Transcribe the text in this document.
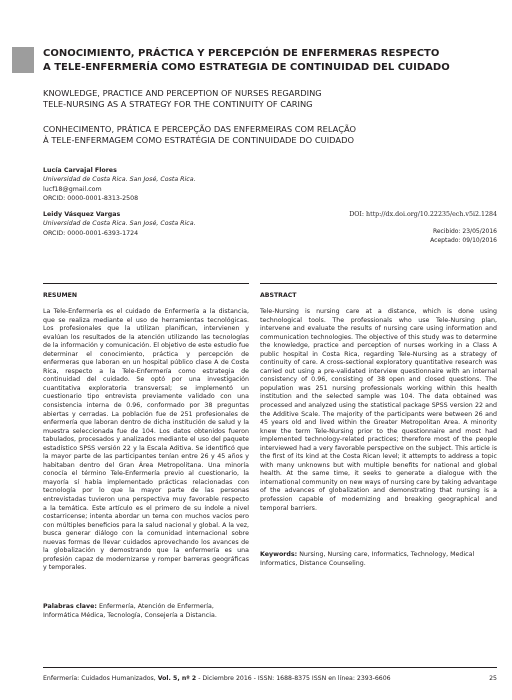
CONOCIMIENTO, PRÁCTICA Y PERCEPCIÓN DE ENFERMERAS RESPECTO
A TELE-ENFERMERÍA COMO ESTRATEGIA DE CONTINUIDAD DEL CUIDADO
KNOWLEDGE, PRACTICE AND PERCEPTION OF NURSES REGARDING
TELE-NURSING AS A STRATEGY FOR THE CONTINUITY OF CARING
CONHECIMENTO, PRÁTICA E PERCEPÇÃO DAS ENFERMEIRAS COM RELAÇÃO
À TELE-ENFERMAGEM COMO ESTRATÉGIA DE CONTINUIDADE DO CUIDADO
Lucía Carvajal Flores
Universidad de Costa Rica. San José, Costa Rica.
lucf18@gmail.com
ORCID: 0000-0001-8313-2508
Leidy Vásquez Vargas
Universidad de Costa Rica. San José, Costa Rica.
ORCID: 0000-0001-6393-1724
DOI: http://dx.doi.org/10.22235/ech.v5i2.1284
Recibido: 23/05/2016
Aceptado: 09/10/2016
RESUMEN	ABSTRACT

La Tele-Enfermería es el cuidado de Enfermería a la distancia, que se realiza mediante el uso de herramientas tecnológicas. Los profesionales que la utilizan planifican, intervienen y evalúan los resultados de la atención utilizando las tecnologías de la información y comunicación. El objetivo de este estudio fue determinar el conocimiento, práctica y percepción de enfermeras que laboran en un hospital público clase A de Costa Rica, respecto a la Tele-Enfermería como estrategia de continuidad del cuidado. Se optó por una investigación cuantitativa exploratoria transversal; se implementó un cuestionario tipo entrevista previamente validado con una consistencia interna de 0.96, conformado por 38 preguntas abiertas y cerradas. La población fue de 251 profesionales de enfermería que laboran dentro de dicha institución de salud y la muestra seleccionada fue de 104. Los datos obtenidos fueron tabulados, procesados y analizados mediante el uso del paquete estadístico SPSS versión 22 y la Escala Aditiva. Se identificó que la mayor parte de las participantes tenían entre 26 y 45 años y habitaban dentro del Gran Área Metropolitana. Una minoría conocía el término Tele-Enfermería previo al cuestionario, la mayoría sí había implementado prácticas relacionadas con tecnología por lo que la mayor parte de las personas entrevistadas tuvieron una perspectiva muy favorable respecto a la temática. Este artículo es el primero de su índole a nivel costarricense; intenta abordar un tema con muchos vacíos pero con múltiples beneficios para la salud nacional y global. A la vez, busca generar diálogo con la comunidad internacional sobre nuevas formas de llevar cuidados aprovechando los avances de la globalización y demostrando que la enfermería es una profesión capaz de modernizarse y romper barreras geográficas y temporales.

Tele-Nursing is nursing care at a distance, which is done using technological tools. The professionals who use Tele-Nursing plan, intervene and evaluate the results of nursing care using information and communication technologies. The objective of this study was to determine the knowledge, practice and perception of nurses working in a Class A public hospital in Costa Rica, regarding Tele-Nursing as a strategy of continuity of care. A cross-sectional exploratory quantitative research was carried out using a pre-validated interview questionnaire with an internal consistency of 0.96, consisting of 38 open and closed questions. The population was 251 nursing professionals working within this health institution and the selected sample was 104. The data obtained was processed and analyzed using the statistical package SPSS version 22 and the Additive Scale. The majority of the participants were between 26 and 45 years old and lived within the Greater Metropolitan Area. A minority knew the term Tele-Nursing prior to the questionnaire and most had implemented technology-related practices; therefore most of the people interviewed had a very favorable perspective on the subject. This article is the first of its kind at the Costa Rican level; it attempts to address a topic with many unknowns but with multiple benefits for national and global health. At the same time, it seeks to generate a dialogue with the international community on new ways of nursing care by taking advantage of the advances of globalization and demonstrating that nursing is a profession capable of modernizing and breaking geographical and temporal barriers.

Palabras clave: Enfermería, Atención de Enfermería, Informática Médica, Tecnología, Consejería a Distancia.
Keywords: Nursing, Nursing care, Informatics, Technology, Medical Informatics, Distance Counseling.
Enfermería: Cuidados Humanizados, Vol. 5, nº 2 - Diciembre 2016 - ISSN: 1688-8375 ISSN en línea: 2393-6606	25
